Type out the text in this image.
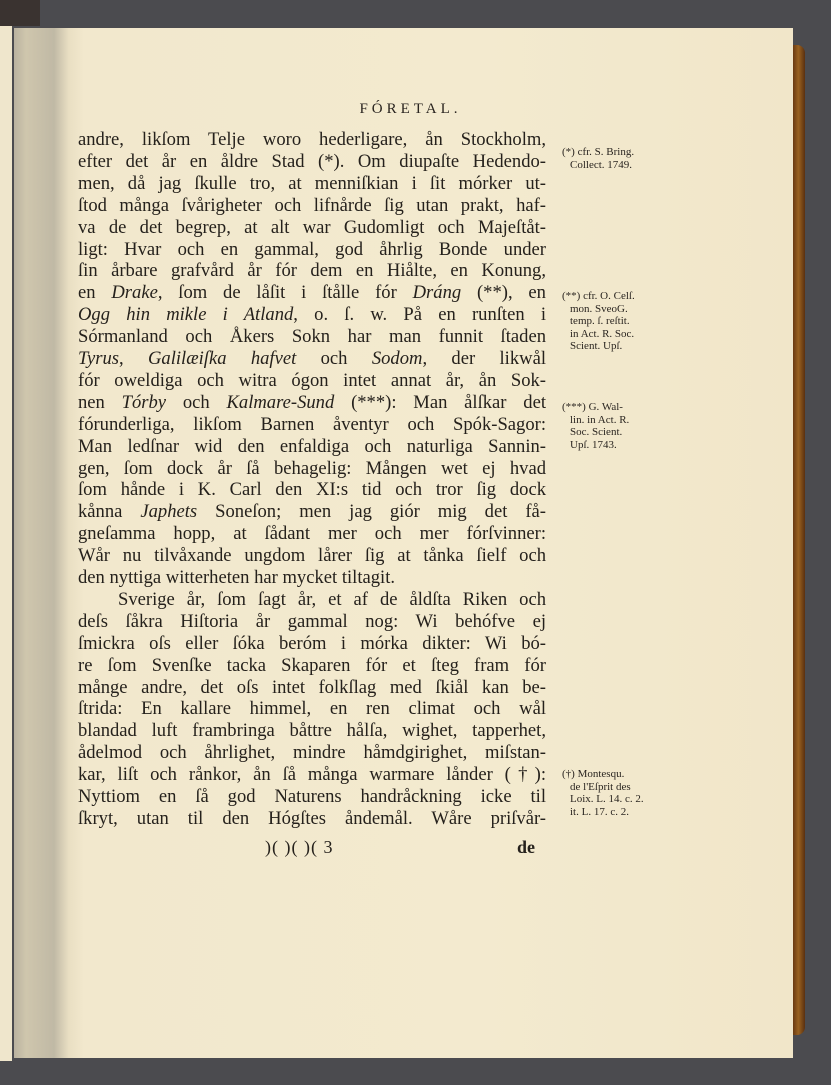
FÓRETAL.
andre, likſom Telje woro hederligare, ån Stockholm,
efter det år en åldre Stad (*). Om diupaſte Hedendo-
men, då jag ſkulle tro, at menniſkian i ſit mórker ut-
ſtod många ſvårigheter och lifnårde ſig utan prakt, haf-
va de det begrep, at alt war Gudomligt och Majeſtåt-
ligt: Hvar och en gammal, god åhrlig Bonde under
ſin årbare grafvård år fór dem en Hiålte, en Konung,
en Drake, ſom de låſit i ſtålle fór Dráng (**), en
Ogg hin mikle i Atland, o. ſ. w. På en runſten i
Sórmanland och Åkers Sokn har man funnit ſtaden
Tyrus, Galilæiſka hafvet och Sodom, der likwål
fór oweldiga och witra ógon intet annat år, ån Sok-
nen Tórby och Kalmare-Sund (***): Man ålſkar det
fórunderliga, likſom Barnen åventyr och Spók-Sagor:
Man ledſnar wid den enfaldiga och naturliga Sannin-
gen, ſom dock år ſå behagelig: Mången wet ej hvad
ſom hånde i K. Carl den XI:s tid och tror ſig dock
kånna Japhets Soneſon; men jag giór mig det få-
gneſamma hopp, at ſådant mer och mer fórſvinner:
Wår nu tilvåxande ungdom lårer ſig at tånka ſielf och
den nyttiga witterheten har mycket tiltagit.
Sverige år, ſom ſagt år, et af de åldſta Riken och
deſs ſåkra Hiſtoria år gammal nog: Wi behófve ej
ſmickra oſs eller ſóka beróm i mórka dikter: Wi bó-
re ſom Svenſke tacka Skaparen fór et ſteg fram fór
månge andre, det oſs intet folkſlag med ſkiål kan be-
ſtrida: En kallare himmel, en ren climat och wål
blandad luft frambringa båttre hålſa, wighet, tapperhet,
ådelmod och åhrlighet, mindre håmdgirighet, miſstan-
kar, liſt och rånkor, ån ſå många warmare lånder (†):
Nyttiom en ſå god Naturens handråckning icke til
ſkryt, utan til den Hógſtes åndemål. Wåre priſvår-
(*) cfr. S. Bring.
Collect. 1749.
(**) cfr. O. Celſ.
mon. SveoG.
temp. ſ. reſtit.
in Act. R. Soc.
Scient. Upſ.
(***) G. Wal-
lin. in Act. R.
Soc. Scient.
Upſ. 1743.
(†) Montesqu.
de l'Eſprit des
Loix. L. 14. c. 2.
it. L. 17. c. 2.
)( )( )( 3	de
